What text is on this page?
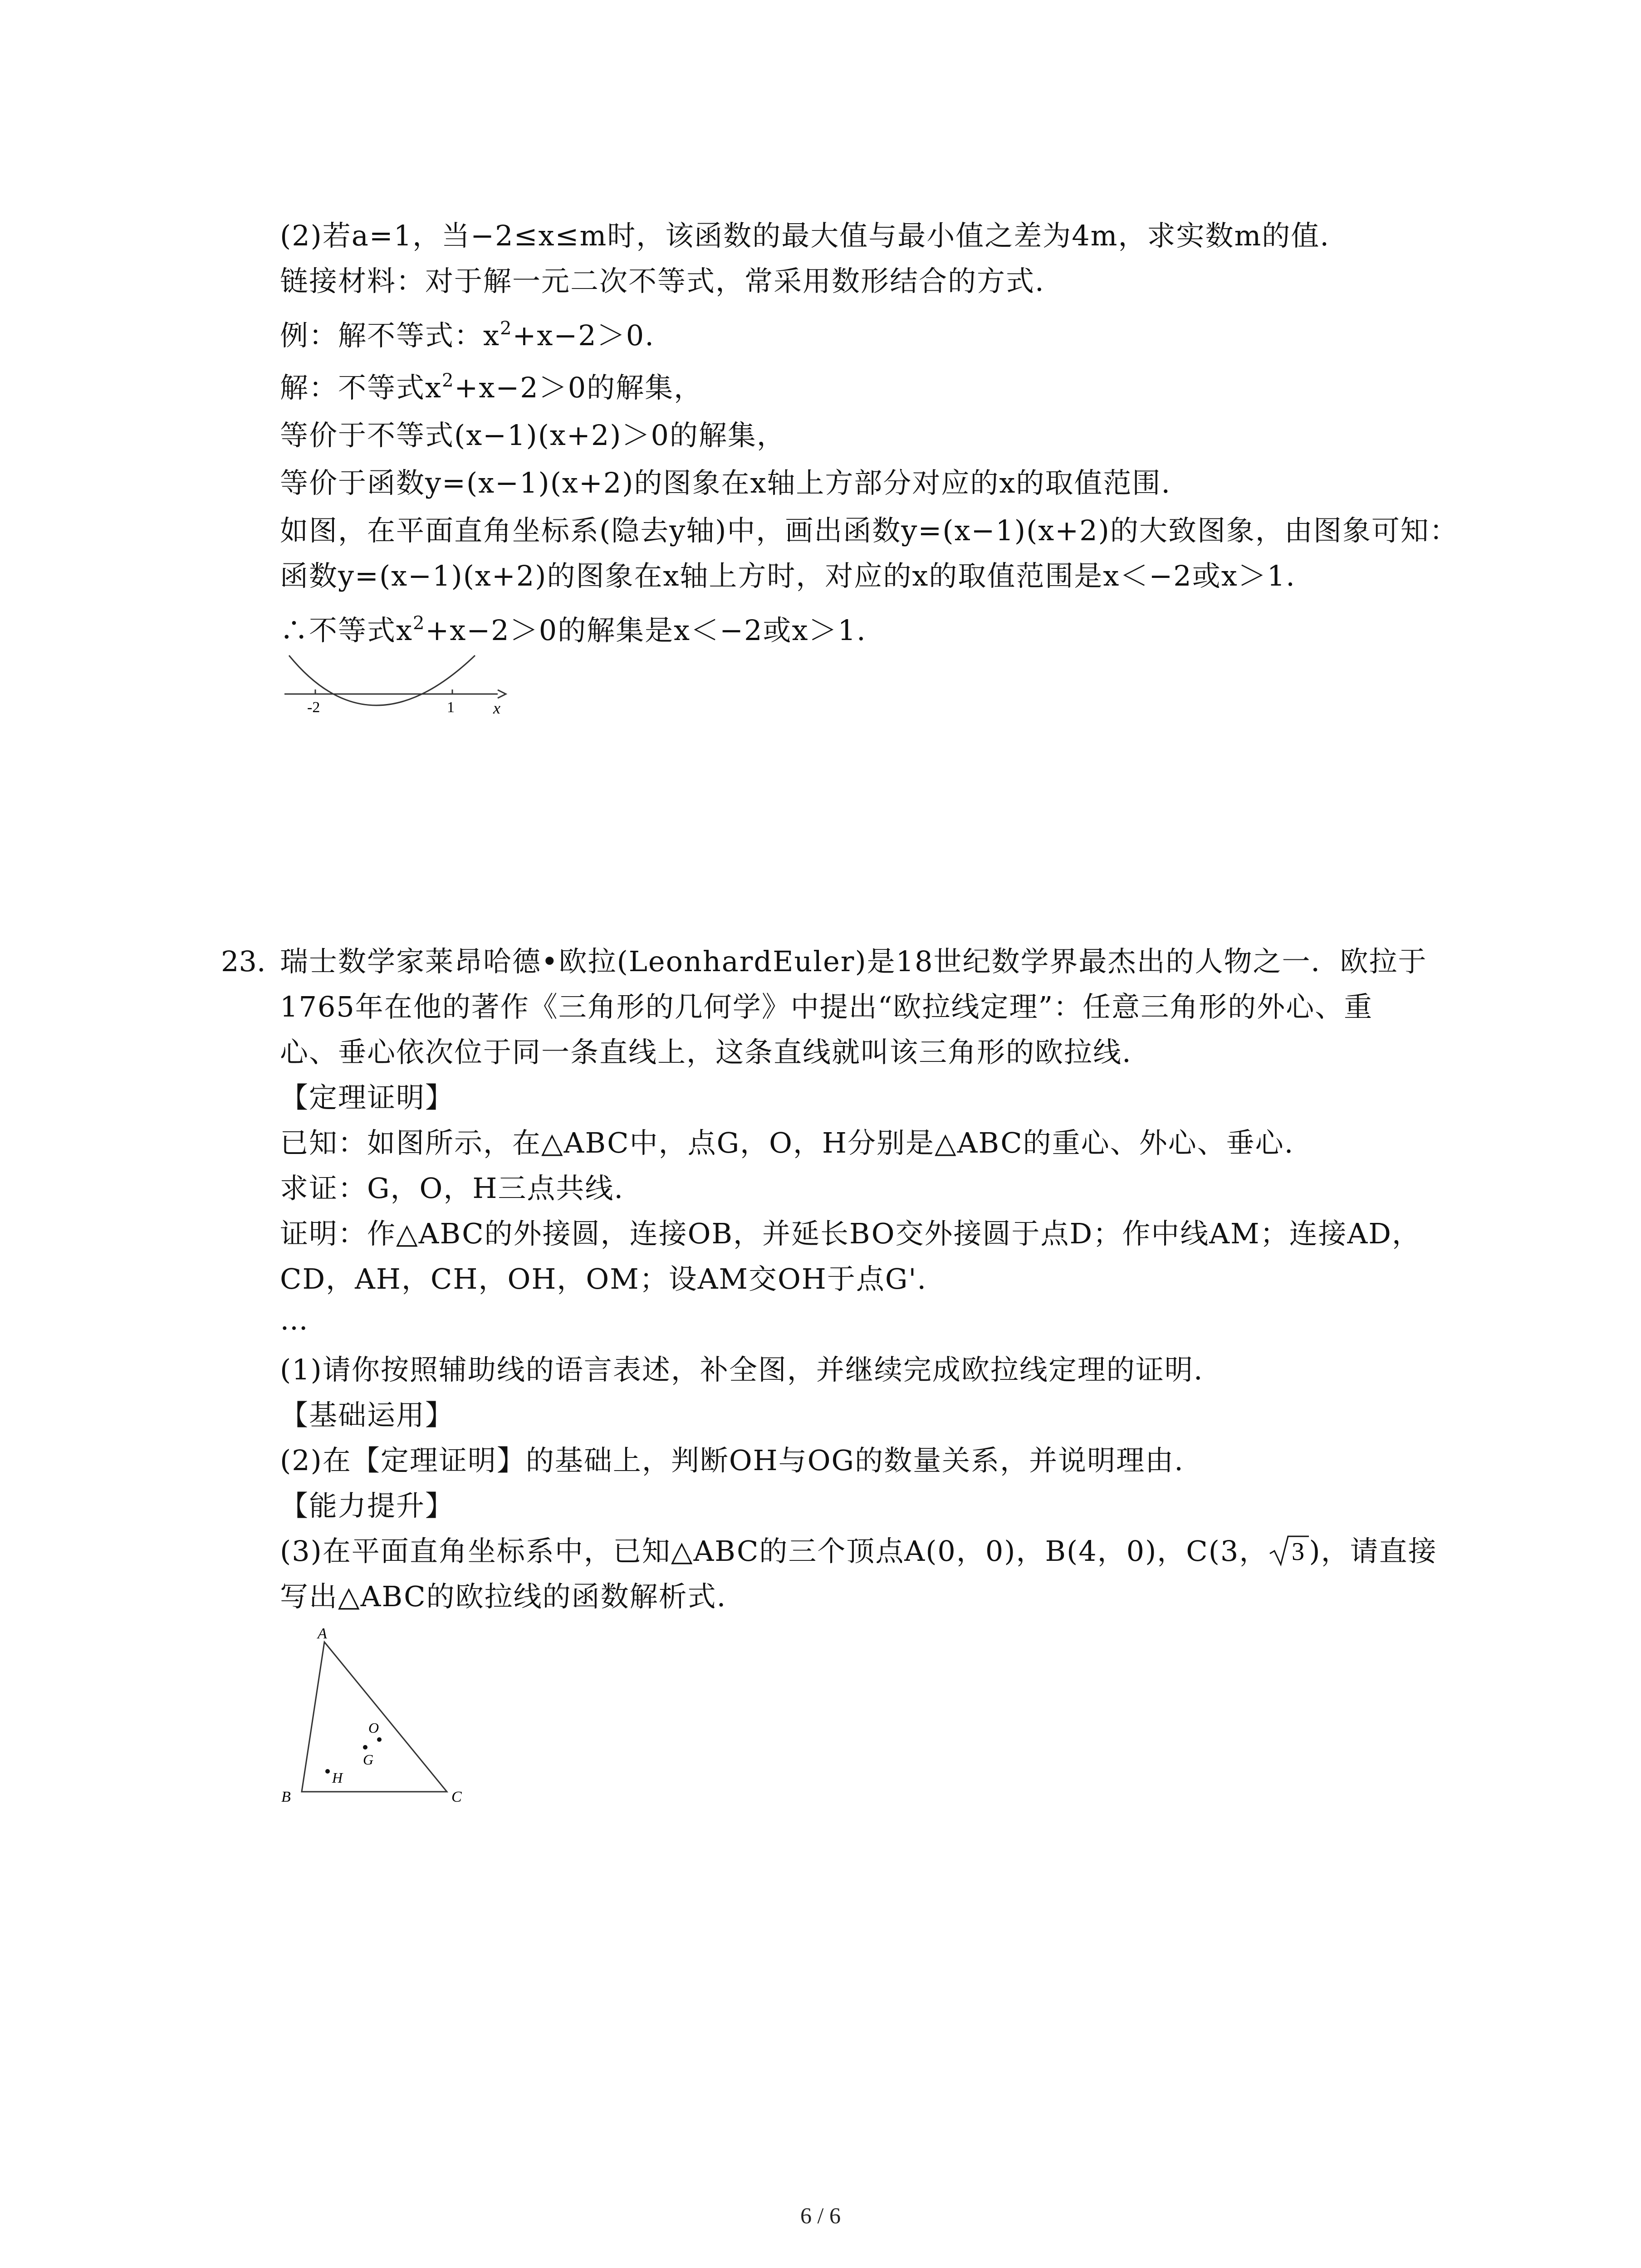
(2)若a=1，当−2≤x≤m时，该函数的最大值与最小值之差为4m，求实数m的值.
链接材料：对于解一元二次不等式，常采用数形结合的方式.
例：解不等式：$x^2+x-2>0$.
解：不等式$x^2+x-2>0$的解集，
等价于不等式(x−1)(x+2)＞0的解集，
等价于函数y=(x−1)(x+2)的图象在x轴上方部分对应的x的取值范围.
如图，在平面直角坐标系(隐去y轴)中，画出函数y=(x−1)(x+2)的大致图象，由图象可知：
函数y=(x−1)(x+2)的图象在x轴上方时，对应的x的取值范围是x＜−2或x＞1.
∴不等式$x^2+x-2>0$的解集是x＜−2或x＞1.
-2	1 x
23. 瑞士数学家莱昂哈德•欧拉(LeonhardEuler)是18世纪数学界最杰出的人物之一．欧拉于
1765年在他的著作《三角形的几何学》中提出“欧拉线定理”：任意三角形的外心、重
心、垂心依次位于同一条直线上，这条直线就叫该三角形的欧拉线.
【定理证明】
已知：如图所示，在△ABC中，点G，O，H分别是△ABC的重心、外心、垂心.
求证：G，O，H三点共线.
证明：作△ABC的外接圆，连接OB，并延长BO交外接圆于点D；作中线AM；连接AD，
CD，AH，CH，OH，OM；设AM交OH于点G'.
…
(1)请你按照辅助线的语言表述，补全图，并继续完成欧拉线定理的证明.
【基础运用】
(2)在【定理证明】的基础上，判断OH与OG的数量关系，并说明理由.
【能力提升】
(3)在平面直角坐标系中，已知△ABC的三个顶点A(0，0)，B(4，0)，C(3， 3 )，请直接
写出△ABC的欧拉线的函数解析式.
A
B	C
O
G
H
6 / 6
